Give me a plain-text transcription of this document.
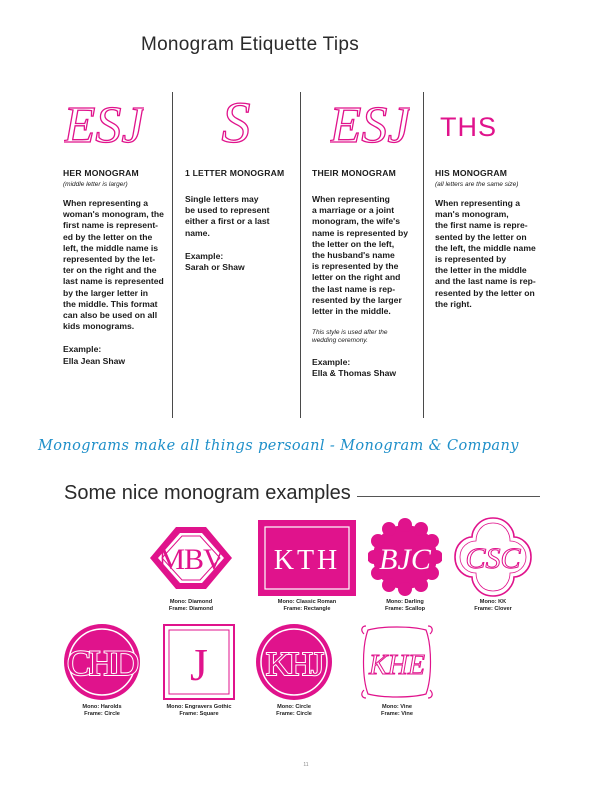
Monogram Etiquette Tips
ESJ S ESJ THS
HER MONOGRAM
(middle letter is larger)

When representing a
woman's monogram, the
first name is represent-
ed by the letter on the
left, the middle name is
represented by the let-
ter on the right and the
last name is represented
by the larger letter in
the middle. This format
can also be used on all
kids monograms.

Example:
Ella Jean Shaw
1 LETTER MONOGRAM

Single letters may
be used to represent
either a first or a last
name.

Example:
Sarah or Shaw
THEIR MONOGRAM

When representing
a marriage or a joint
monogram, the wife's
name is represented by
the letter on the left,
the husband's name
is represented by the
letter on the right and
the last name is rep-
resented by the larger
letter in the middle.

This style is used after the
wedding ceremony.
Example:
Ella & Thomas Shaw
HIS MONOGRAM
(all letters are the same size)

When representing a
man's monogram,
the first name is repre-
sented by the letter on
the left, the middle name
is represented by
the letter in the middle
and the last name is rep-
resented by the letter on
the right.

Monograms make all things persoanl - Monogram & Company
Some nice monogram examples
MBV
Mono: Diamond
Frame: Diamond
KTH
Mono: Classic Roman
Frame: Rectangle
BJC
Mono: Darling
Frame: Scallop
CSC
Mono: KK
Frame: Clover
CHD
Mono: Harolds
Frame: Circle
J
Mono: Engravers Gothic
Frame: Square
KHJ
Mono: Circle
Frame: Circle
KHE
Mono: Vine
Frame: Vine
11
